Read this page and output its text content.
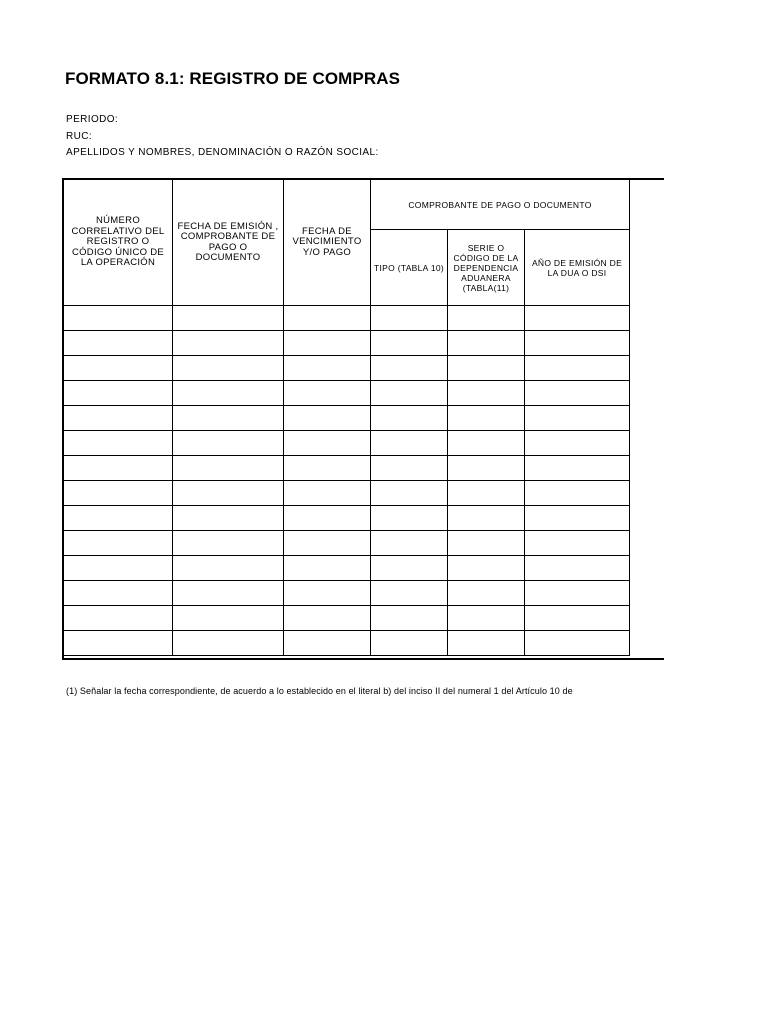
FORMATO 8.1: REGISTRO DE COMPRAS
PERIODO:
RUC:
APELLIDOS Y NOMBRES, DENOMINACIÓN O RAZÓN SOCIAL:
NÚMERO CORRELATIVO DEL REGISTRO O CÓDIGO ÚNICO DE LA OPERACIÓN	FECHA DE EMISIÓN , COMPROBANTE DE PAGO O DOCUMENTO	FECHA DE VENCIMIENTO Y/O PAGO	COMPROBANTE DE PAGO O DOCUMENTO		
			TIPO (TABLA 10)	SERIE O CÓDIGO DE LA DEPENDENCIA ADUANERA (TABLA(11)	AÑO DE EMISIÓN DE LA DUA O DSI

(1) Señalar la fecha correspondiente, de acuerdo a lo establecido en el literal b) del inciso II del numeral 1 del Artículo 10 de
